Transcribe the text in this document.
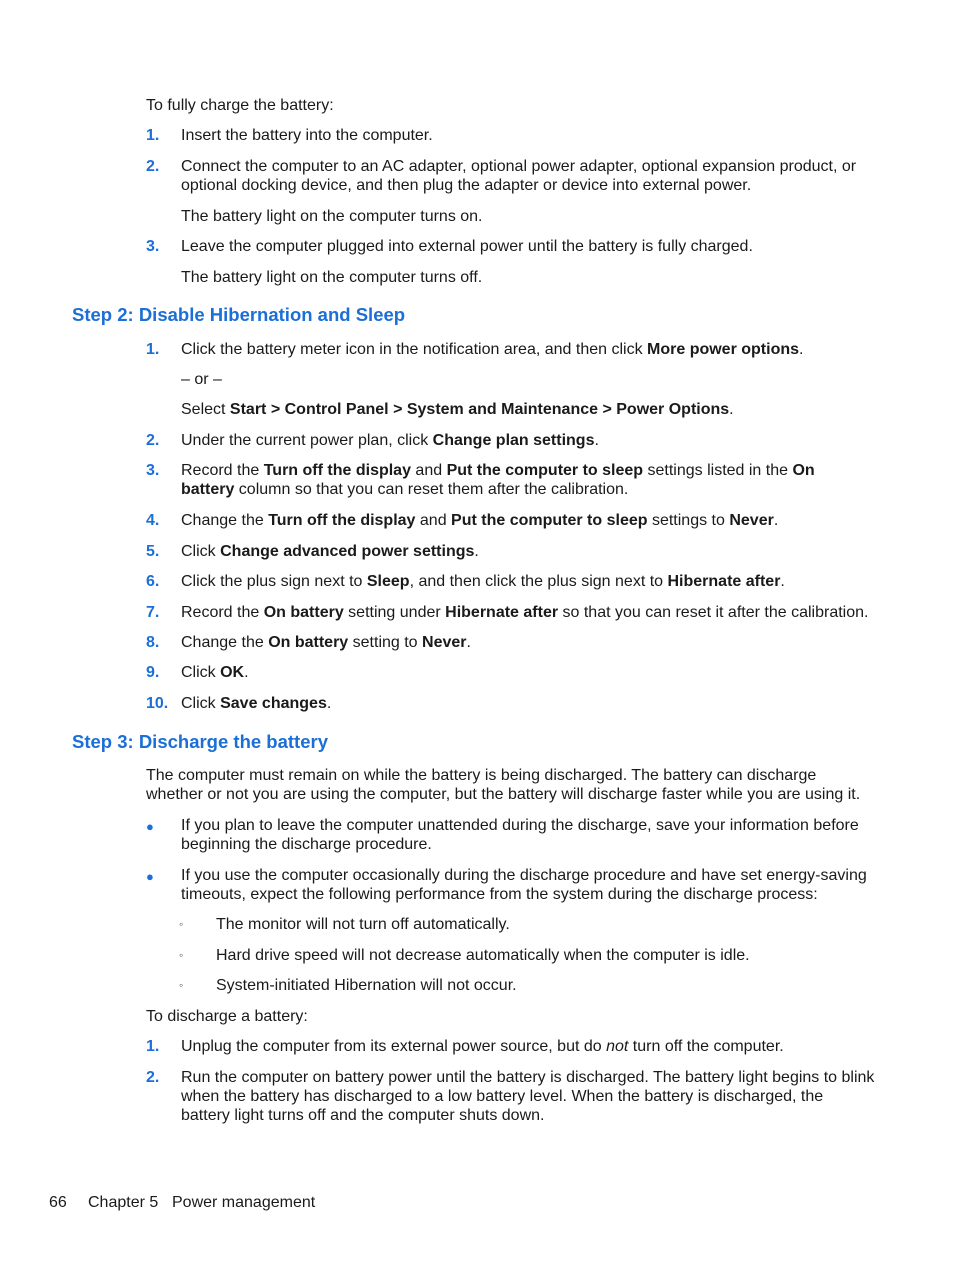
To fully charge the battery:
1.	Insert the battery into the computer.
2.	Connect the computer to an AC adapter, optional power adapter, optional expansion product, or optional docking device, and then plug the adapter or device into external power.
The battery light on the computer turns on.
3.	Leave the computer plugged into external power until the battery is fully charged.
The battery light on the computer turns off.
Step 2: Disable Hibernation and Sleep
1.	Click the battery meter icon in the notification area, and then click More power options.
– or –
Select Start > Control Panel > System and Maintenance > Power Options.
2.	Under the current power plan, click Change plan settings.
3.	Record the Turn off the display and Put the computer to sleep settings listed in the On battery column so that you can reset them after the calibration.
4.	Change the Turn off the display and Put the computer to sleep settings to Never.
5.	Click Change advanced power settings.
6.	Click the plus sign next to Sleep, and then click the plus sign next to Hibernate after.
7.	Record the On battery setting under Hibernate after so that you can reset it after the calibration.
8.	Change the On battery setting to Never.
9.	Click OK.
10. Click Save changes.
Step 3: Discharge the battery
The computer must remain on while the battery is being discharged. The battery can discharge whether or not you are using the computer, but the battery will discharge faster while you are using it.
● If you plan to leave the computer unattended during the discharge, save your information before beginning the discharge procedure.
● If you use the computer occasionally during the discharge procedure and have set energy-saving timeouts, expect the following performance from the system during the discharge process:
◦ The monitor will not turn off automatically.
◦ Hard drive speed will not decrease automatically when the computer is idle.
◦ System-initiated Hibernation will not occur.
To discharge a battery:
1.	Unplug the computer from its external power source, but do not turn off the computer.
2.	Run the computer on battery power until the battery is discharged. The battery light begins to blink when the battery has discharged to a low battery level. When the battery is discharged, the battery light turns off and the computer shuts down.
66 Chapter 5 Power management
